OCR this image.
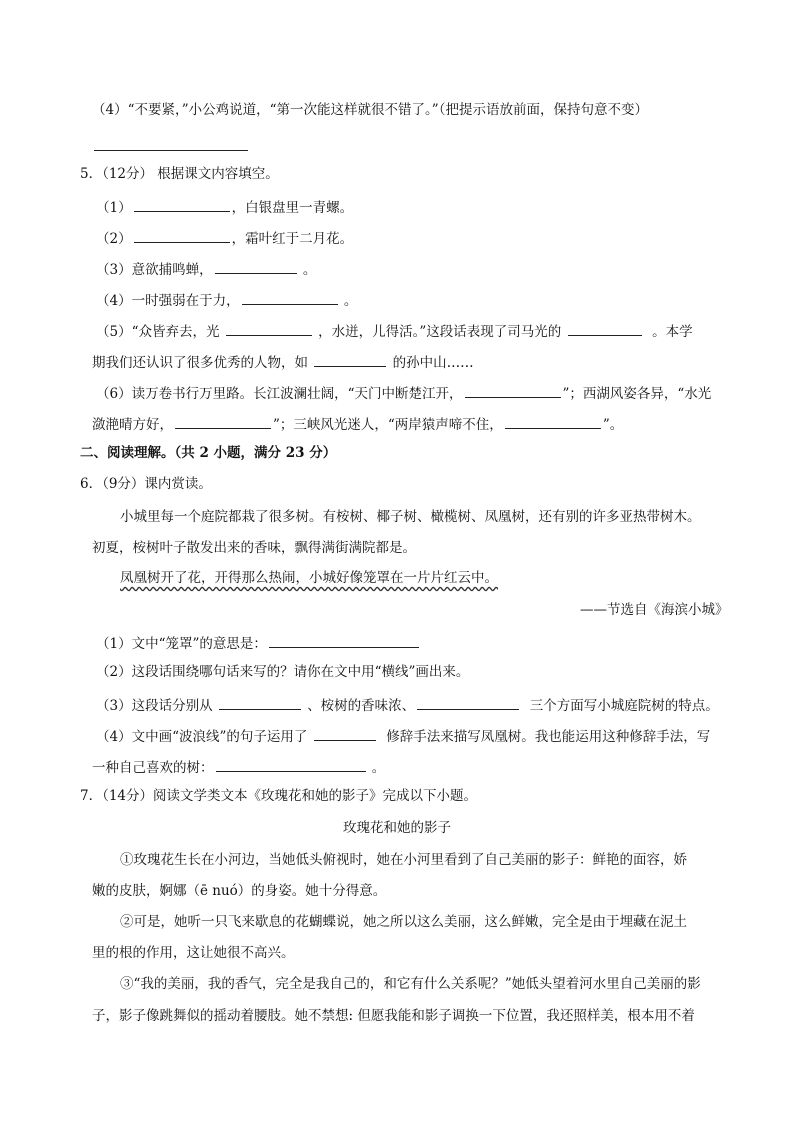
（4）“不要紧，”小公鸡说道，“第一次能这样就很不错了。”（把提示语放前面，保持句意不变）
5．（12分） 根据课文内容填空。
（1）	，白银盘里一青螺。
（2）	，霜叶红于二月花。
（3）意欲捕鸣蝉，	。
（4）一时强弱在于力，	。
（5）“众皆弃去，光	，水迸，儿得活。”这段话表现了司马光的	。本学
期我们还认识了很多优秀的人物，如	的孙中山……
（6）读万卷书行万里路。长江波澜壮阔，“天门中断楚江开，	”；西湖风姿各异，“水光
潋滟晴方好，	”；三峡风光迷人，“两岸猿声啼不住，	”。
二、阅读理解。（共 2 小题，满分 23 分）
6．（9分）课内赏读。
小城里每一个庭院都栽了很多树。有桉树、椰子树、橄榄树、凤凰树，还有别的许多亚热带树木。
初夏，桉树叶子散发出来的香味，飘得满街满院都是。
凤凰树开了花，开得那么热闹，小城好像笼罩在一片片红云中。
——节选自《海滨小城》
（1）文中“笼罩”的意思是：
（2）这段话围绕哪句话来写的？请你在文中用“横线”画出来。
（3）这段话分别从	、桉树的香味浓、	三个方面写小城庭院树的特点。
（4）文中画“波浪线”的句子运用了	修辞手法来描写凤凰树。我也能运用这种修辞手法，写
一种自己喜欢的树：	。
7．（14分）阅读文学类文本《玫瑰花和她的影子》完成以下小题。
玫瑰花和她的影子
①玫瑰花生长在小河边，当她低头俯视时，她在小河里看到了自己美丽的影子：鲜艳的面容，娇
嫩的皮肤，婀娜（ē nuó）的身姿。她十分得意。
②可是，她听一只飞来歇息的花蝴蝶说，她之所以这么美丽，这么鲜嫩，完全是由于埋藏在泥土
里的根的作用，这让她很不高兴。
③“我的美丽，我的香气，完全是我自己的，和它有什么关系呢？”她低头望着河水里自己美丽的影
子，影子像跳舞似的摇动着腰肢。她不禁想: 但愿我能和影子调换一下位置，我还照样美，根本用不着
